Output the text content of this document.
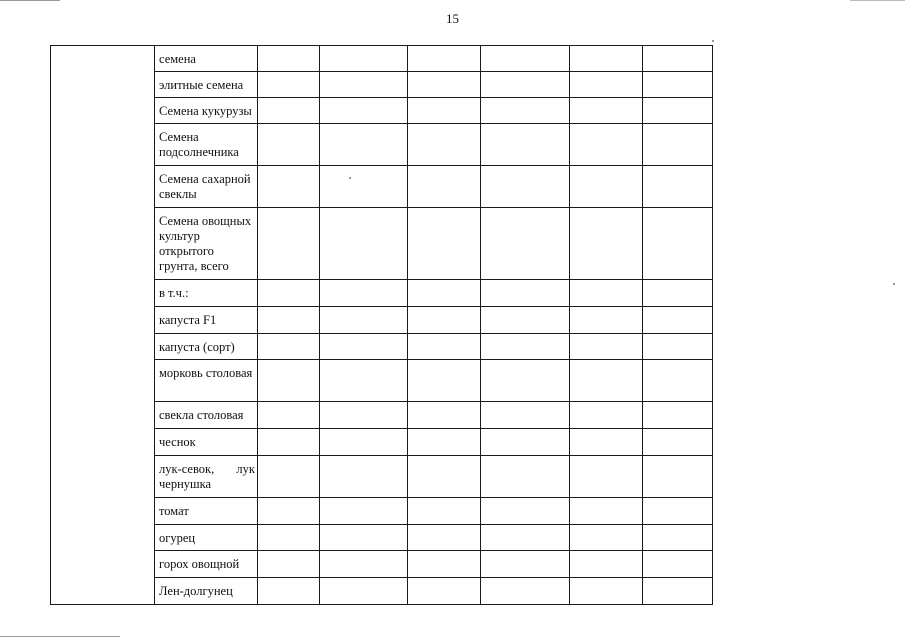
15

	семена						

	элитные семена						

	Семена кукурузы						

	Семена подсолнечника						

	Семена сахарной свеклы						

	Семена овощных культур открытого грунта, всего						

	в т.ч.:						

	капуста F1						

	капуста (сорт)						

	морковь столовая						

	свекла столовая						

	чеснок						

	лук-севок, лук чернушка						

	томат						

	огурец						

	горох овощной						

	Лен-долгунец						
